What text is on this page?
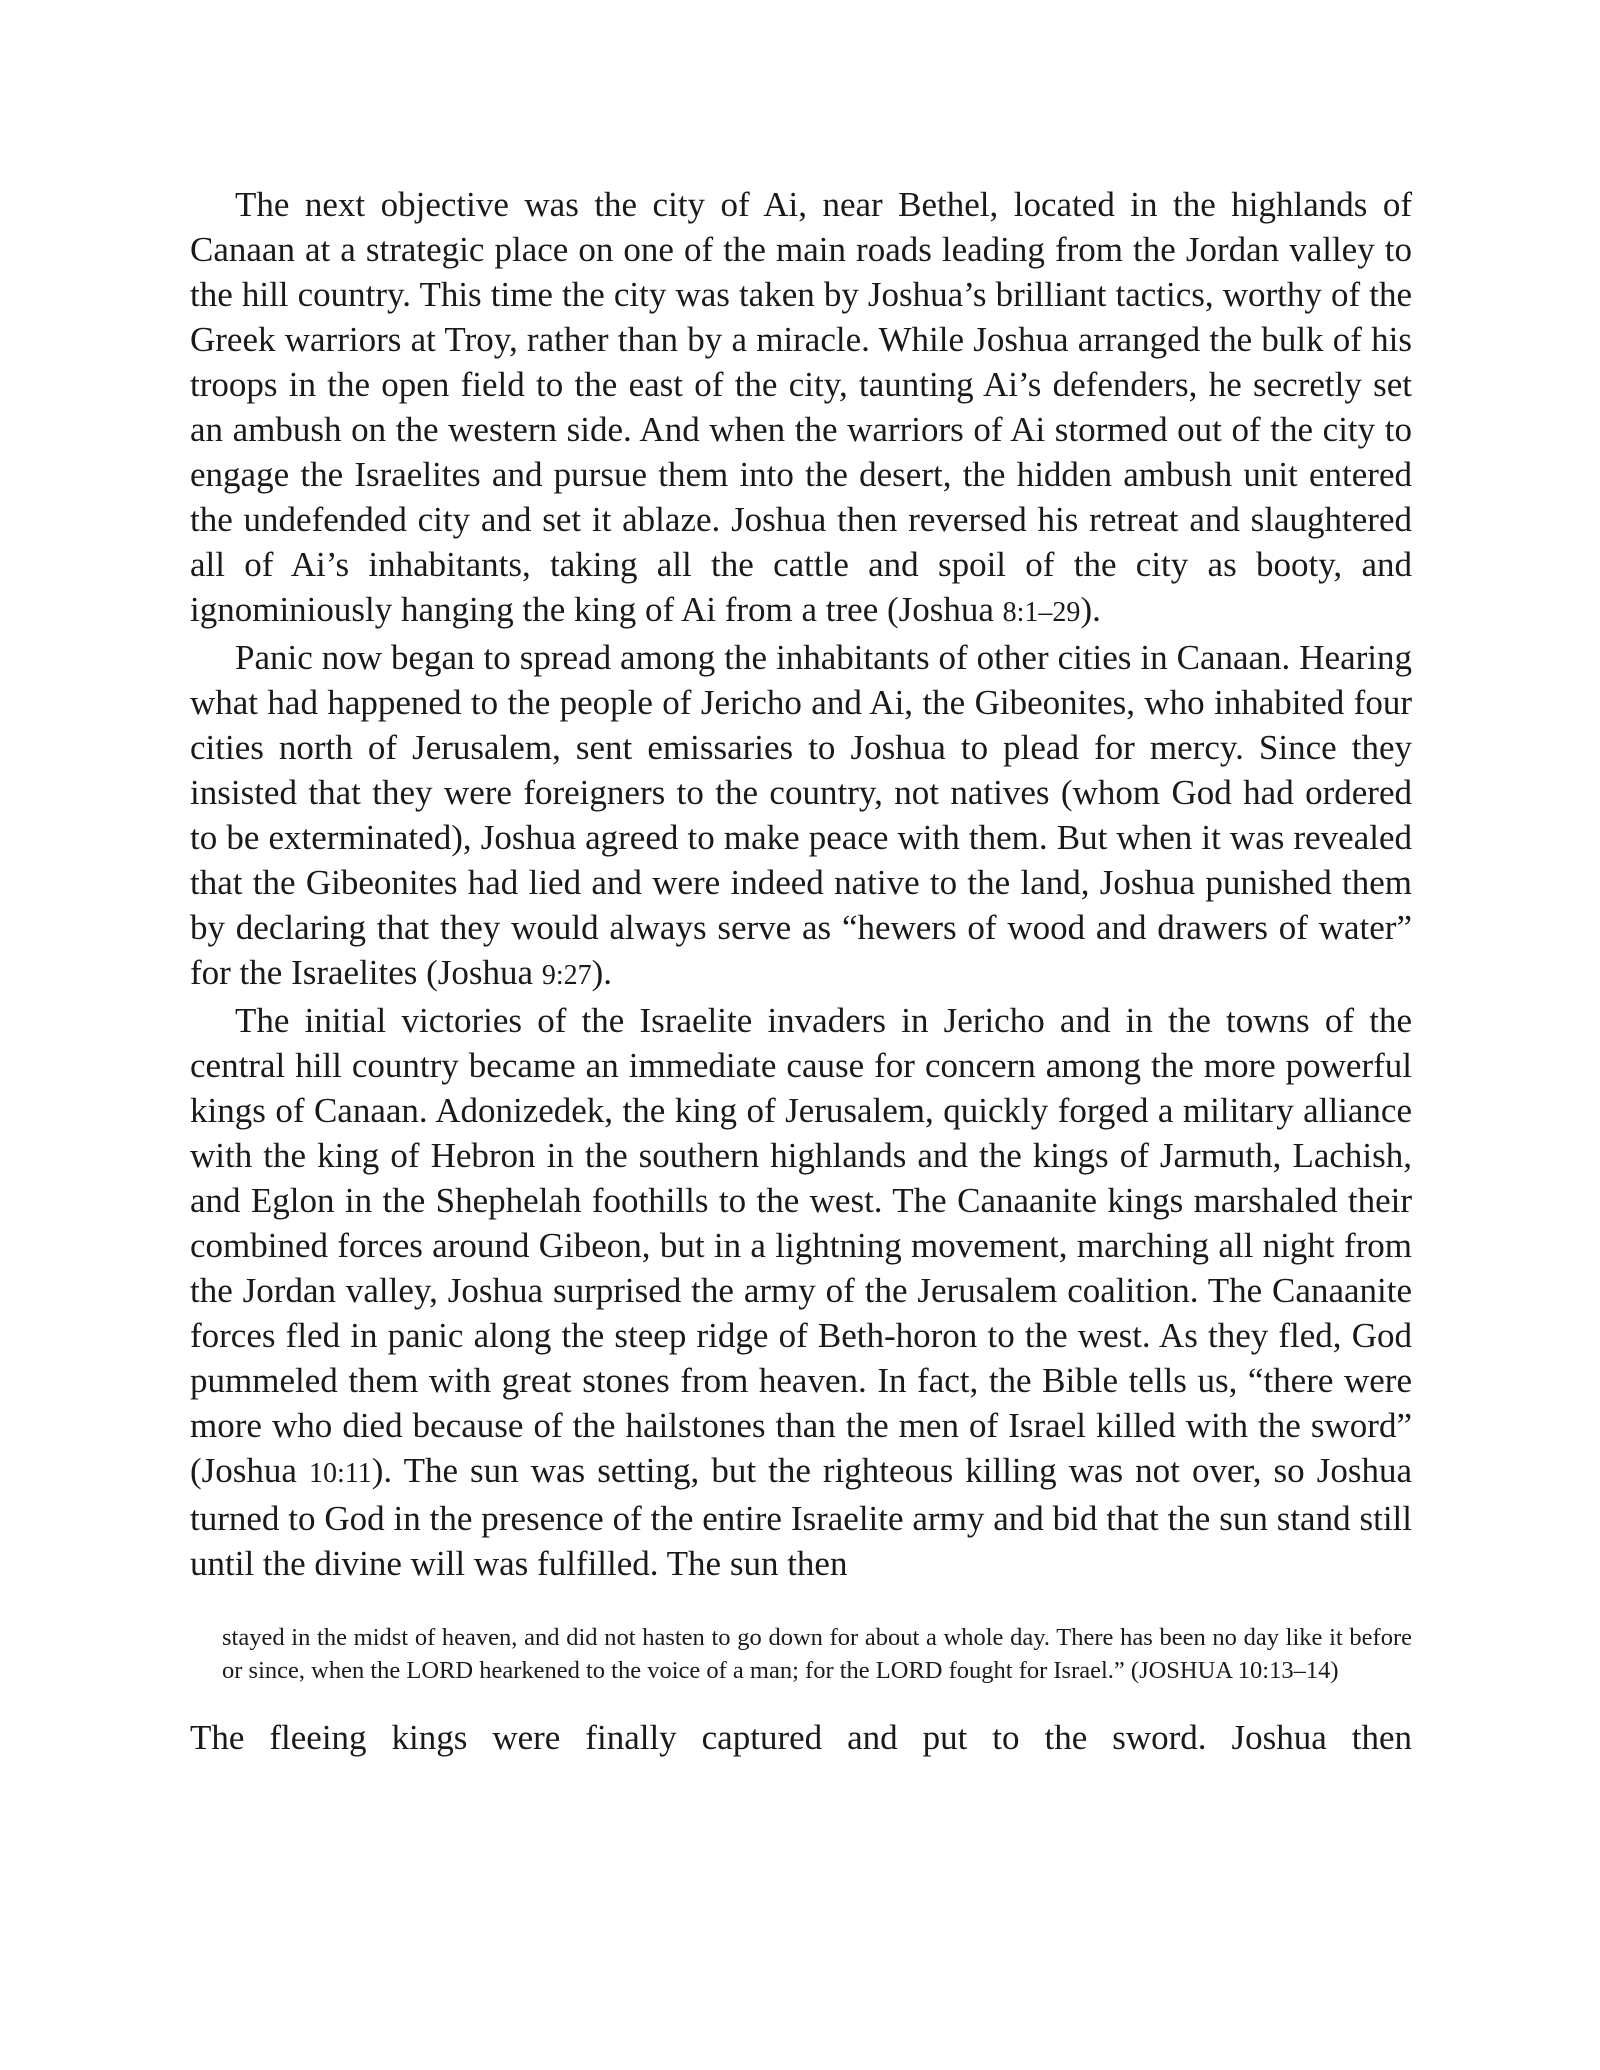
The next objective was the city of Ai, near Bethel, located in the highlands of Canaan at a strategic place on one of the main roads leading from the Jordan valley to the hill country. This time the city was taken by Joshua’s brilliant tactics, worthy of the Greek warriors at Troy, rather than by a miracle. While Joshua arranged the bulk of his troops in the open field to the east of the city, taunting Ai’s defenders, he secretly set an ambush on the western side. And when the warriors of Ai stormed out of the city to engage the Israelites and pursue them into the desert, the hidden ambush unit entered the undefended city and set it ablaze. Joshua then reversed his retreat and slaughtered all of Ai’s inhabitants, taking all the cattle and spoil of the city as booty, and ignominiously hanging the king of Ai from a tree (Joshua 8:1–29).

Panic now began to spread among the inhabitants of other cities in Canaan. Hearing what had happened to the people of Jericho and Ai, the Gibeonites, who inhabited four cities north of Jerusalem, sent emissaries to Joshua to plead for mercy. Since they insisted that they were foreigners to the country, not natives (whom God had ordered to be exterminated), Joshua agreed to make peace with them. But when it was revealed that the Gibeonites had lied and were indeed native to the land, Joshua punished them by declaring that they would always serve as “hewers of wood and drawers of water” for the Israelites (Joshua 9:27).

The initial victories of the Israelite invaders in Jericho and in the towns of the central hill country became an immediate cause for concern among the more powerful kings of Canaan. Adonizedek, the king of Jerusalem, quickly forged a military alliance with the king of Hebron in the southern highlands and the kings of Jarmuth, Lachish, and Eglon in the Shephelah foothills to the west. The Canaanite kings marshaled their combined forces around Gibeon, but in a lightning movement, marching all night from the Jordan valley, Joshua surprised the army of the Jerusalem coalition. The Canaanite forces fled in panic along the steep ridge of Beth-horon to the west. As they fled, God pummeled them with great stones from heaven. In fact, the Bible tells us, “there were more who died because of the hailstones than the men of Israel killed with the sword” (Joshua 10:11). The sun was setting, but the righteous killing was not over, so Joshua turned to God in the presence of the entire Israelite army and bid that the sun stand still until the divine will was fulfilled. The sun then

stayed in the midst of heaven, and did not hasten to go down for about a whole day. There has been no day like it before or since, when the LORD hearkened to the voice of a man; for the LORD fought for Israel.” (JOSHUA 10:13–14)

The fleeing kings were finally captured and put to the sword. Joshua then
